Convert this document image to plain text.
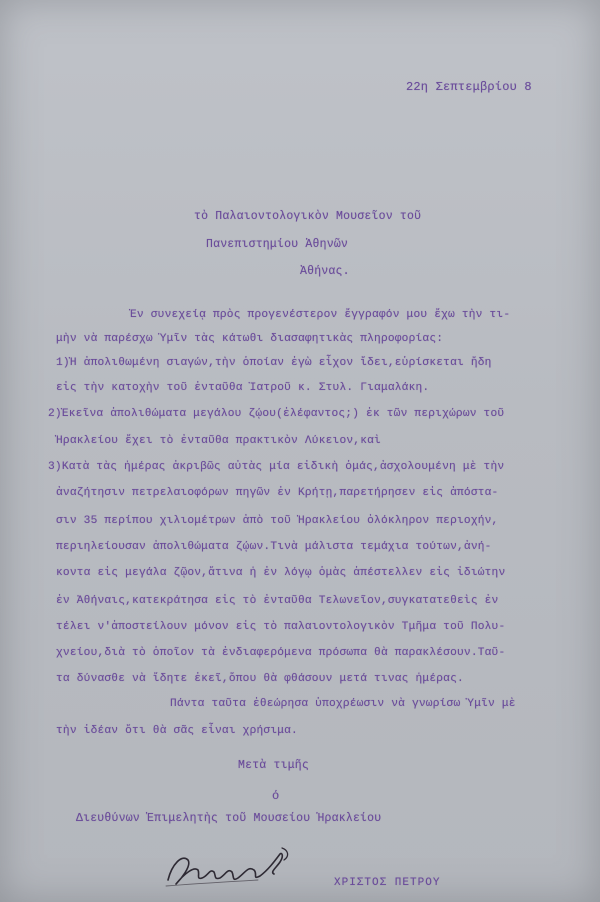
22η Σεπτεμβρίου 8
τὸ Παλαιοντολογικὸν Μουσεῖον τοῦ
Πανεπιστημίου Ἀθηνῶν
Ἀθήνας.
Ἐν συνεχείᾳ πρὸς προγενέστερον ἔγγραφόν μου ἔχω τὴν τι-
μὴν νὰ παρέσχω Ὑμῖν τὰς κάτωθι διασαφητικὰς πληροφορίας:
1)Ἡ ἀπολιθωμένη σιαγών,τὴν ὁποίαν ἐγὼ εἶχον ἴδει,εὑρίσκεται ἤδη
εἰς τὴν κατοχὴν τοῦ ἐνταῦθα Ἰατροῦ κ. Στυλ. Γιαμαλάκη.
2)Ἐκεῖνα ἀπολιθώματα μεγάλου ζῴου(ἐλέφαντος;) ἐκ τῶν περιχώρων τοῦ
Ἡρακλείου ἔχει τὸ ἐνταῦθα πρακτικὸν Λύκειον,καὶ
3)Κατὰ τὰς ἡμέρας ἀκριβῶς αὐτὰς μία εἰδικὴ ὁμάς,ἀσχολουμένη μὲ τὴν
ἀναζήτησιν πετρελαιοφόρων πηγῶν ἐν Κρήτῃ,παρετήρησεν εἰς ἀπόστα-
σιν 35 περίπου χιλιομέτρων ἀπὸ τοῦ Ἡρακλείου ὁλόκληρον περιοχήν,
περιηλείουσαν ἀπολιθώματα ζῴων.Τινὰ μάλιστα τεμάχια τούτων,ἀνή-
κοντα εἰς μεγάλα ζῷον,ἅτινα ἡ ἐν λόγῳ ὁμὰς ἀπέστελλεν εἰς ἰδιώτην
ἐν Ἀθήναις,κατεκράτησα εἰς τὸ ἐνταῦθα Τελωνεῖον,συγκατατεθεὶς ἐν
τέλει ν'ἀποστείλουν μόνον εἰς τὸ παλαιοντολογικὸν Τμῆμα τοῦ Πολυ-
χνείου,διὰ τὸ ὁποῖον τὰ ἐνδιαφερόμενα πρόσωπα θὰ παρακλέσουν.Ταῦ-
τα δύνασθε νὰ ἴδητε ἐκεῖ,ὅπου θὰ φθάσουν μετά τινας ἡμέρας.
Πάντα ταῦτα ἐθεώρησα ὑποχρέωσιν νὰ γνωρίσω Ὑμῖν μὲ
τὴν ἰδέαν ὅτι θὰ σᾶς εἶναι χρήσιμα.
Μετὰ τιμῆς
ό
Διευθύνων Ἐπιμελητὴς τοῦ Μουσείου Ἡρακλείου
ΧΡΙΣΤΟΣ ΠΕΤΡΟΥ
